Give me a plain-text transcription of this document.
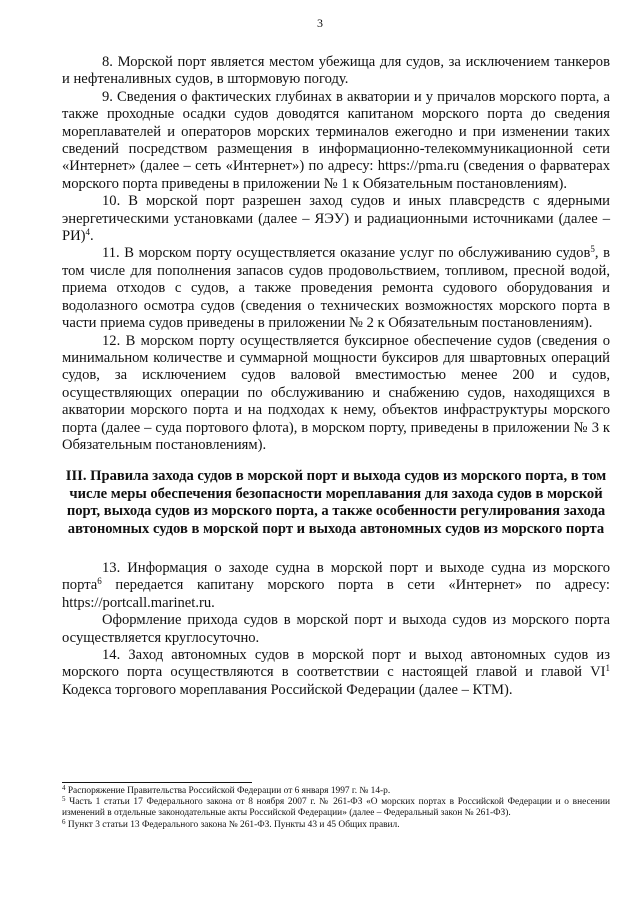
3

8. Морской порт является местом убежища для судов, за исключением танкеров и нефтеналивных судов, в штормовую погоду.

9. Сведения о фактических глубинах в акватории и у причалов морского порта, а также проходные осадки судов доводятся капитаном морского порта до сведения мореплавателей и операторов морских терминалов ежегодно и при изменении таких сведений посредством размещения в информационно-телекоммуникационной сети «Интернет» (далее – сеть «Интернет») по адресу: https://pma.ru (сведения о фарватерах морского порта приведены в приложении № 1 к Обязательным постановлениям).

10. В морской порт разрешен заход судов и иных плавсредств с ядерными энергетическими установками (далее – ЯЭУ) и радиационными источниками (далее – РИ)$^4$.

11. В морском порту осуществляется оказание услуг по обслуживанию судов$^5$, в том числе для пополнения запасов судов продовольствием, топливом, пресной водой, приема отходов с судов, а также проведения ремонта судового оборудования и водолазного осмотра судов (сведения о технических возможностях морского порта в части приема судов приведены в приложении № 2 к Обязательным постановлениям).

12. В морском порту осуществляется буксирное обеспечение судов (сведения о минимальном количестве и суммарной мощности буксиров для швартовных операций судов, за исключением судов валовой вместимостью менее 200 и судов, осуществляющих операции по обслуживанию и снабжению судов, находящихся в акватории морского порта и на подходах к нему, объектов инфраструктуры морского порта (далее – суда портового флота), в морском порту, приведены в приложении № 3 к Обязательным постановлениям).

III. Правила захода судов в морской порт и выхода судов из морского порта, в том числе меры обеспечения безопасности мореплавания для захода судов в морской порт, выхода судов из морского порта, а также особенности регулирования захода автономных судов в морской порт и выхода автономных судов из морского порта

13. Информация о заходе судна в морской порт и выходе судна из морского порта$^6$ передается капитану морского порта в сети «Интернет» по адресу: https://portcall.marinet.ru.

Оформление прихода судов в морской порт и выхода судов из морского порта осуществляется круглосуточно.

14. Заход автономных судов в морской порт и выход автономных судов из морского порта осуществляются в соответствии с настоящей главой и главой $VI^1$ Кодекса торгового мореплавания Российской Федерации (далее – КТМ).

$^4$ Распоряжение Правительства Российской Федерации от 6 января 1997 г. № 14-р.

$^5$ Часть 1 статьи 17 Федерального закона от 8 ноября 2007 г. № 261-ФЗ «О морских портах в Российской Федерации и о внесении изменений в отдельные законодательные акты Российской Федерации» (далее – Федеральный закон № 261-ФЗ).

$^6$ Пункт 3 статьи 13 Федерального закона № 261-ФЗ. Пункты 43 и 45 Общих правил.
